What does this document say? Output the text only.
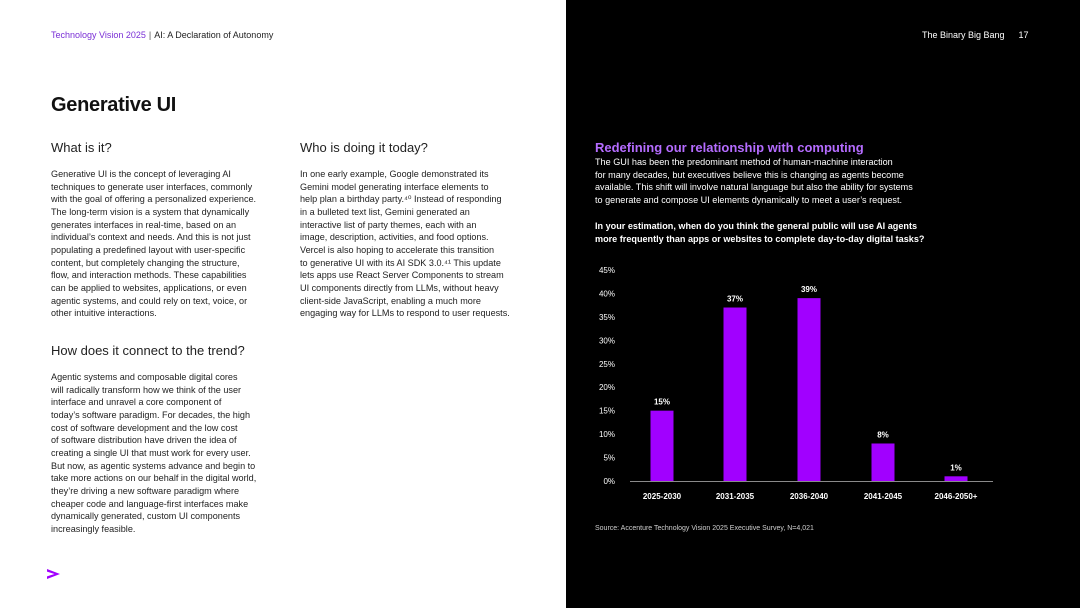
Technology Vision 2025 | AI: A Declaration of Autonomy	The Binary Big Bang 17
Generative UI
What is it?
Generative UI is the concept of leveraging AI
techniques to generate user interfaces, commonly
with the goal of offering a personalized experience.
The long-term vision is a system that dynamically
generates interfaces in real-time, based on an
individual’s context and needs. And this is not just
populating a predefined layout with user-specific
content, but completely changing the structure,
flow, and interaction methods. These capabilities
can be applied to websites, applications, or even
agentic systems, and could rely on text, voice, or
other intuitive interactions.
How does it connect to the trend?
Agentic systems and composable digital cores
will radically transform how we think of the user
interface and unravel a core component of
today’s software paradigm. For decades, the high
cost of software development and the low cost
of software distribution have driven the idea of
creating a single UI that must work for every user.
But now, as agentic systems advance and begin to
take more actions on our behalf in the digital world,
they’re driving a new software paradigm where
cheaper code and language-first interfaces make
dynamically generated, custom UI components
increasingly feasible.
Who is doing it today?
In one early example, Google demonstrated its
Gemini model generating interface elements to
help plan a birthday party.⁴⁰ Instead of responding
in a bulleted text list, Gemini generated an
interactive list of party themes, each with an
image, description, activities, and food options.
Vercel is also hoping to accelerate this transition
to generative UI with its AI SDK 3.0.⁴¹ This update
lets apps use React Server Components to stream
UI components directly from LLMs, without heavy
client-side JavaScript, enabling a much more
engaging way for LLMs to respond to user requests.
Redefining our relationship with computing
The GUI has been the predominant method of human-machine interaction
for many decades, but executives believe this is changing as agents become
available. This shift will involve natural language but also the ability for systems
to generate and compose UI elements dynamically to meet a user’s request.
In your estimation, when do you think the general public will use AI agents
more frequently than apps or websites to complete day-to-day digital tasks?
0%
5%
10%
15%
20%
25%
30%
35%
40%
45%
15%
2025-2030
37%
2031-2035
39%
2036-2040
8%
2041-2045
1%
2046-2050+
Source: Accenture Technology Vision 2025 Executive Survey, N=4,021
